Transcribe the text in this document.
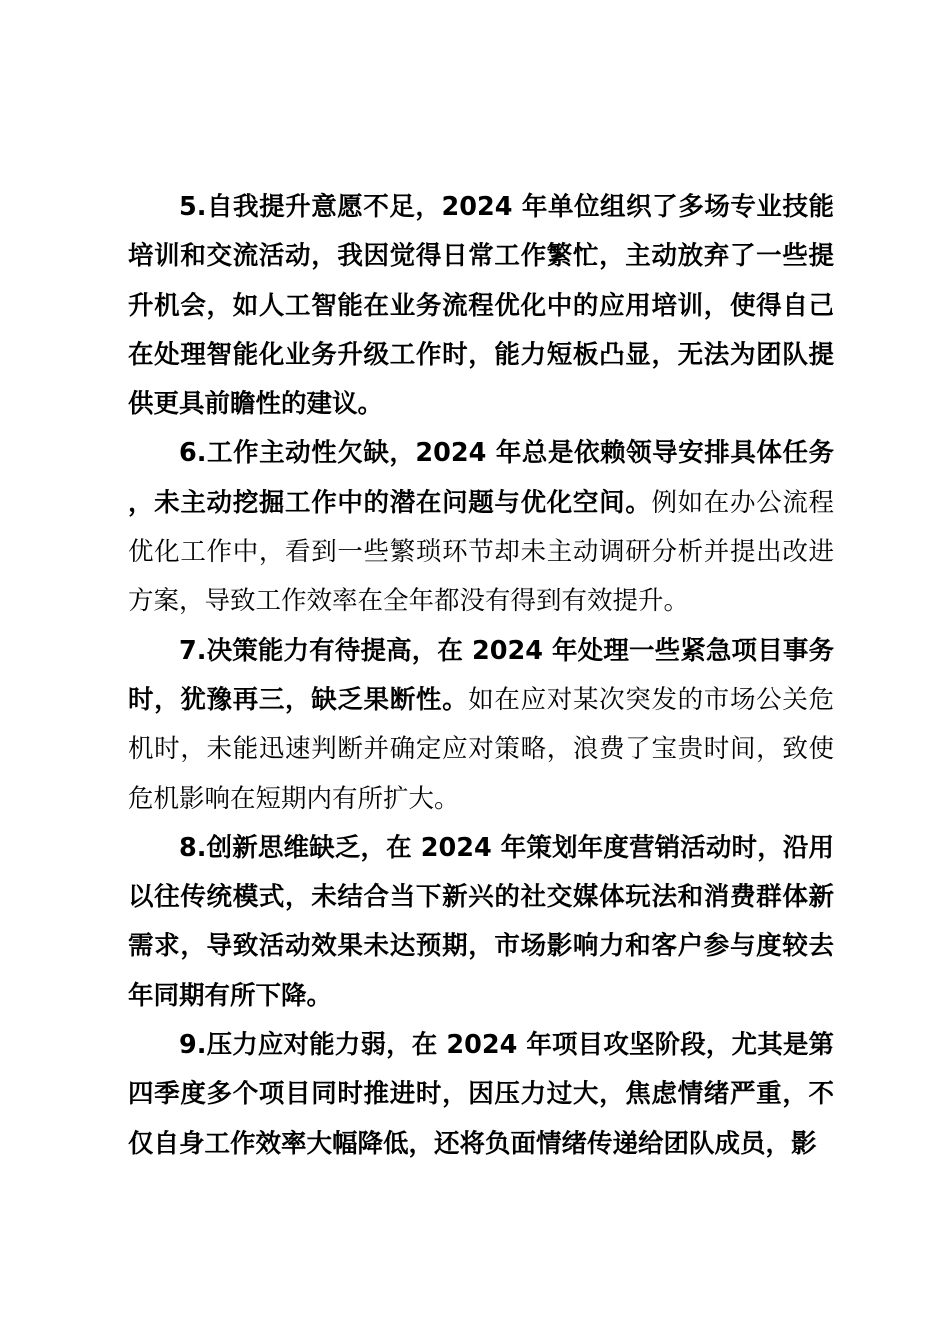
5.自我提升意愿不足，2024 年单位组织了多场专业技能培训和交流活动，我因觉得日常工作繁忙，主动放弃了一些提升机会，如人工智能在业务流程优化中的应用培训，使得自己在处理智能化业务升级工作时，能力短板凸显，无法为团队提供更具前瞻性的建议。

6.工作主动性欠缺，2024 年总是依赖领导安排具体任务，未主动挖掘工作中的潜在问题与优化空间。例如在办公流程优化工作中，看到一些繁琐环节却未主动调研分析并提出改进方案，导致工作效率在全年都没有得到有效提升。

7.决策能力有待提高，在 2024 年处理一些紧急项目事务时，犹豫再三，缺乏果断性。如在应对某次突发的市场公关危机时，未能迅速判断并确定应对策略，浪费了宝贵时间，致使危机影响在短期内有所扩大。

8.创新思维缺乏，在 2024 年策划年度营销活动时，沿用以往传统模式，未结合当下新兴的社交媒体玩法和消费群体新需求，导致活动效果未达预期，市场影响力和客户参与度较去年同期有所下降。

9.压力应对能力弱，在 2024 年项目攻坚阶段，尤其是第四季度多个项目同时推进时，因压力过大，焦虑情绪严重，不仅自身工作效率大幅降低，还将负面情绪传递给团队成员，影
